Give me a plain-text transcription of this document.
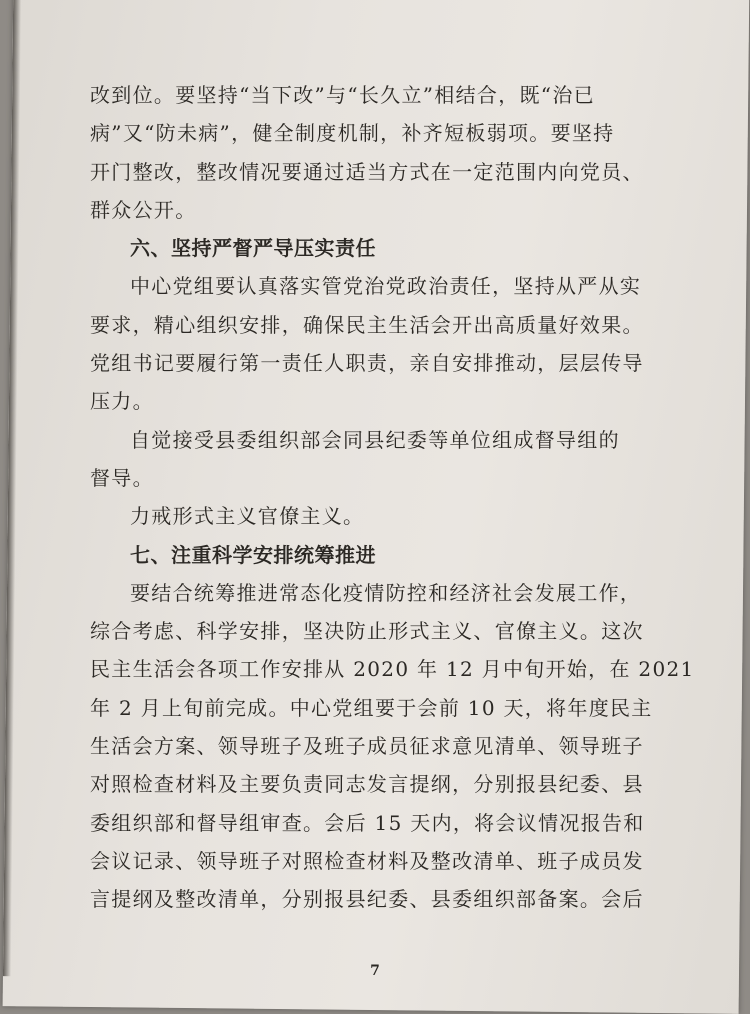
改到位。要坚持“当下改”与“长久立”相结合，既“治已
病”又“防未病”，健全制度机制，补齐短板弱项。要坚持
开门整改，整改情况要通过适当方式在一定范围内向党员、
群众公开。
六、坚持严督严导压实责任
中心党组要认真落实管党治党政治责任，坚持从严从实
要求，精心组织安排，确保民主生活会开出高质量好效果。
党组书记要履行第一责任人职责，亲自安排推动，层层传导
压力。
自觉接受县委组织部会同县纪委等单位组成督导组的
督导。
力戒形式主义官僚主义。
七、注重科学安排统筹推进
要结合统筹推进常态化疫情防控和经济社会发展工作，
综合考虑、科学安排，坚决防止形式主义、官僚主义。这次
民主生活会各项工作安排从 2020 年 12 月中旬开始，在 2021
年 2 月上旬前完成。中心党组要于会前 10 天，将年度民主
生活会方案、领导班子及班子成员征求意见清单、领导班子
对照检查材料及主要负责同志发言提纲，分别报县纪委、县
委组织部和督导组审查。会后 15 天内，将会议情况报告和
会议记录、领导班子对照检查材料及整改清单、班子成员发
言提纲及整改清单，分别报县纪委、县委组织部备案。会后
7
